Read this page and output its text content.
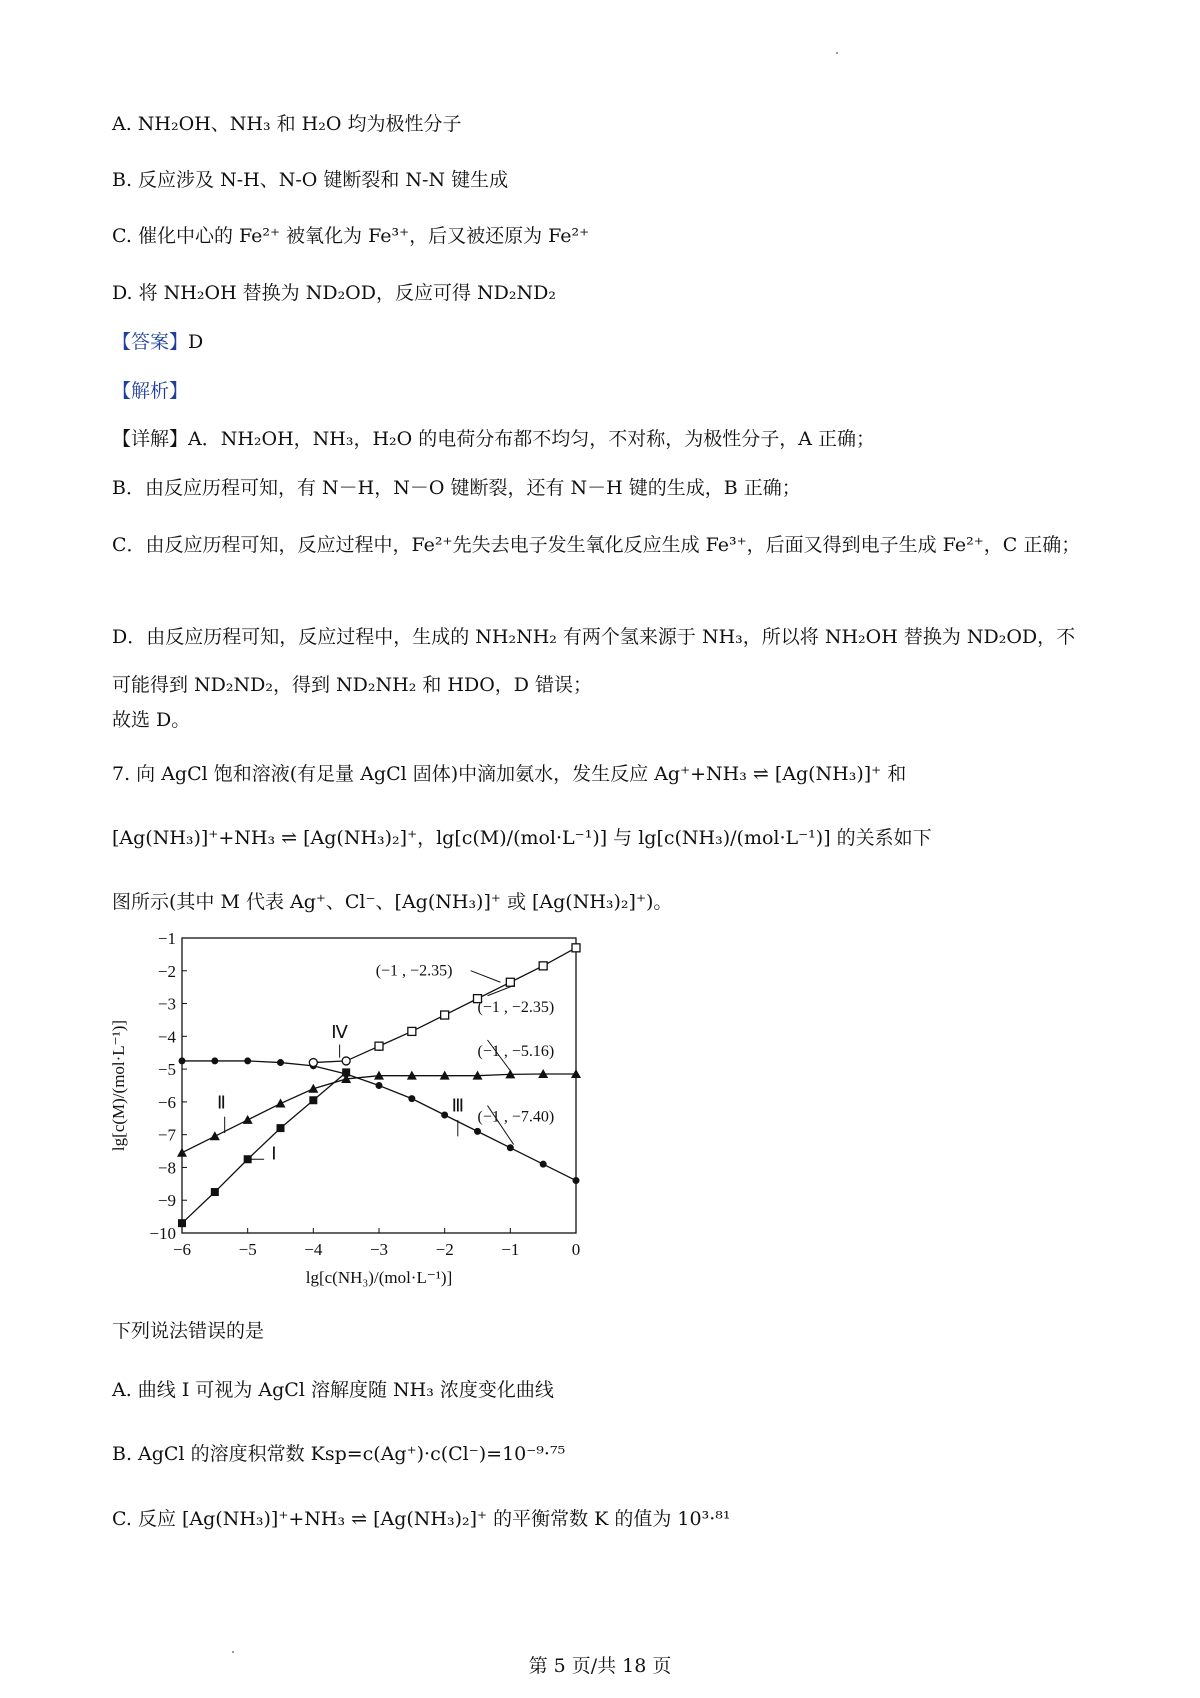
A. NH₂OH、NH₃ 和 H₂O 均为极性分子
B. 反应涉及 N-H、N-O 键断裂和 N-N 键生成
C. 催化中心的 Fe²⁺ 被氧化为 Fe³⁺，后又被还原为 Fe²⁺
D. 将 NH₂OH 替换为 ND₂OD，反应可得 ND₂ND₂
【答案】D
【解析】
【详解】A．NH₂OH，NH₃，H₂O 的电荷分布都不均匀，不对称，为极性分子，A 正确；
B．由反应历程可知，有 N－H，N－O 键断裂，还有 N－H 键的生成，B 正确；
C．由反应历程可知，反应过程中，Fe²⁺先失去电子发生氧化反应生成 Fe³⁺，后面又得到电子生成 Fe²⁺，C 正确；
D．由反应历程可知，反应过程中，生成的 NH₂NH₂ 有两个氢来源于 NH₃，所以将 NH₂OH 替换为 ND₂OD，不可能得到 ND₂ND₂，得到 ND₂NH₂ 和 HDO，D 错误；
故选 D。
7. 向 AgCl 饱和溶液(有足量 AgCl 固体)中滴加氨水，发生反应 Ag⁺+NH₃ ⇌ [Ag(NH₃)]⁺ 和
[Ag(NH₃)]⁺+NH₃ ⇌ [Ag(NH₃)₂]⁺，lg[c(M)/(mol·L⁻¹)] 与 lg[c(NH₃)/(mol·L⁻¹)] 的关系如下
图所示(其中 M 代表 Ag⁺、Cl⁻、[Ag(NH₃)]⁺ 或 [Ag(NH₃)₂]⁺)。
−6	−5	−4	−3	−2	−1	0
−1
−2
−3
−4
−5
−6
−7
−8
−9
−10
lg[c(NH₃)/(mol·L⁻¹)]
lg[c(M)/(mol·L⁻¹)]
(−1 , −2.35)
(−1 , −2.35)
(−1 , −5.16)
(−1 , −7.40)
Ⅰ
Ⅱ	Ⅲ
Ⅳ
下列说法错误的是
A. 曲线 I 可视为 AgCl 溶解度随 NH₃ 浓度变化曲线
B. AgCl 的溶度积常数 Ksp=c(Ag⁺)·c(Cl⁻)=10⁻⁹·⁷⁵
C. 反应 [Ag(NH₃)]⁺+NH₃ ⇌ [Ag(NH₃)₂]⁺ 的平衡常数 K 的值为 10³·⁸¹
第 5 页/共 18 页
